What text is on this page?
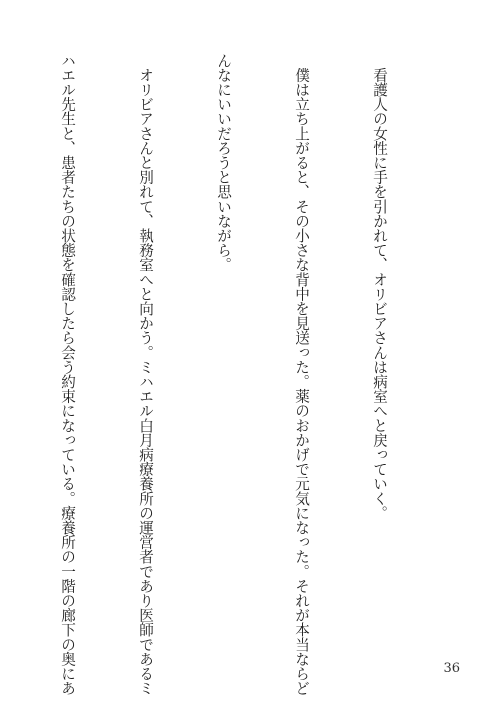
　看護人の女性に手を引かれて、オリビアさんは病室へと戻っていく。

　僕は立ち上がると、その小さな背中を見送った。薬のおかげで元気になった。それが本当ならど

んなにいいだろうと思いながら。

　オリビアさんと別れて、執務室へと向かう。ミハエル白月病療養所の運営者であり医師であるミ

ハエル先生と、患者たちの状態を確認したら会う約束になっている。療養所の一階の廊下の奥にあ

	36
